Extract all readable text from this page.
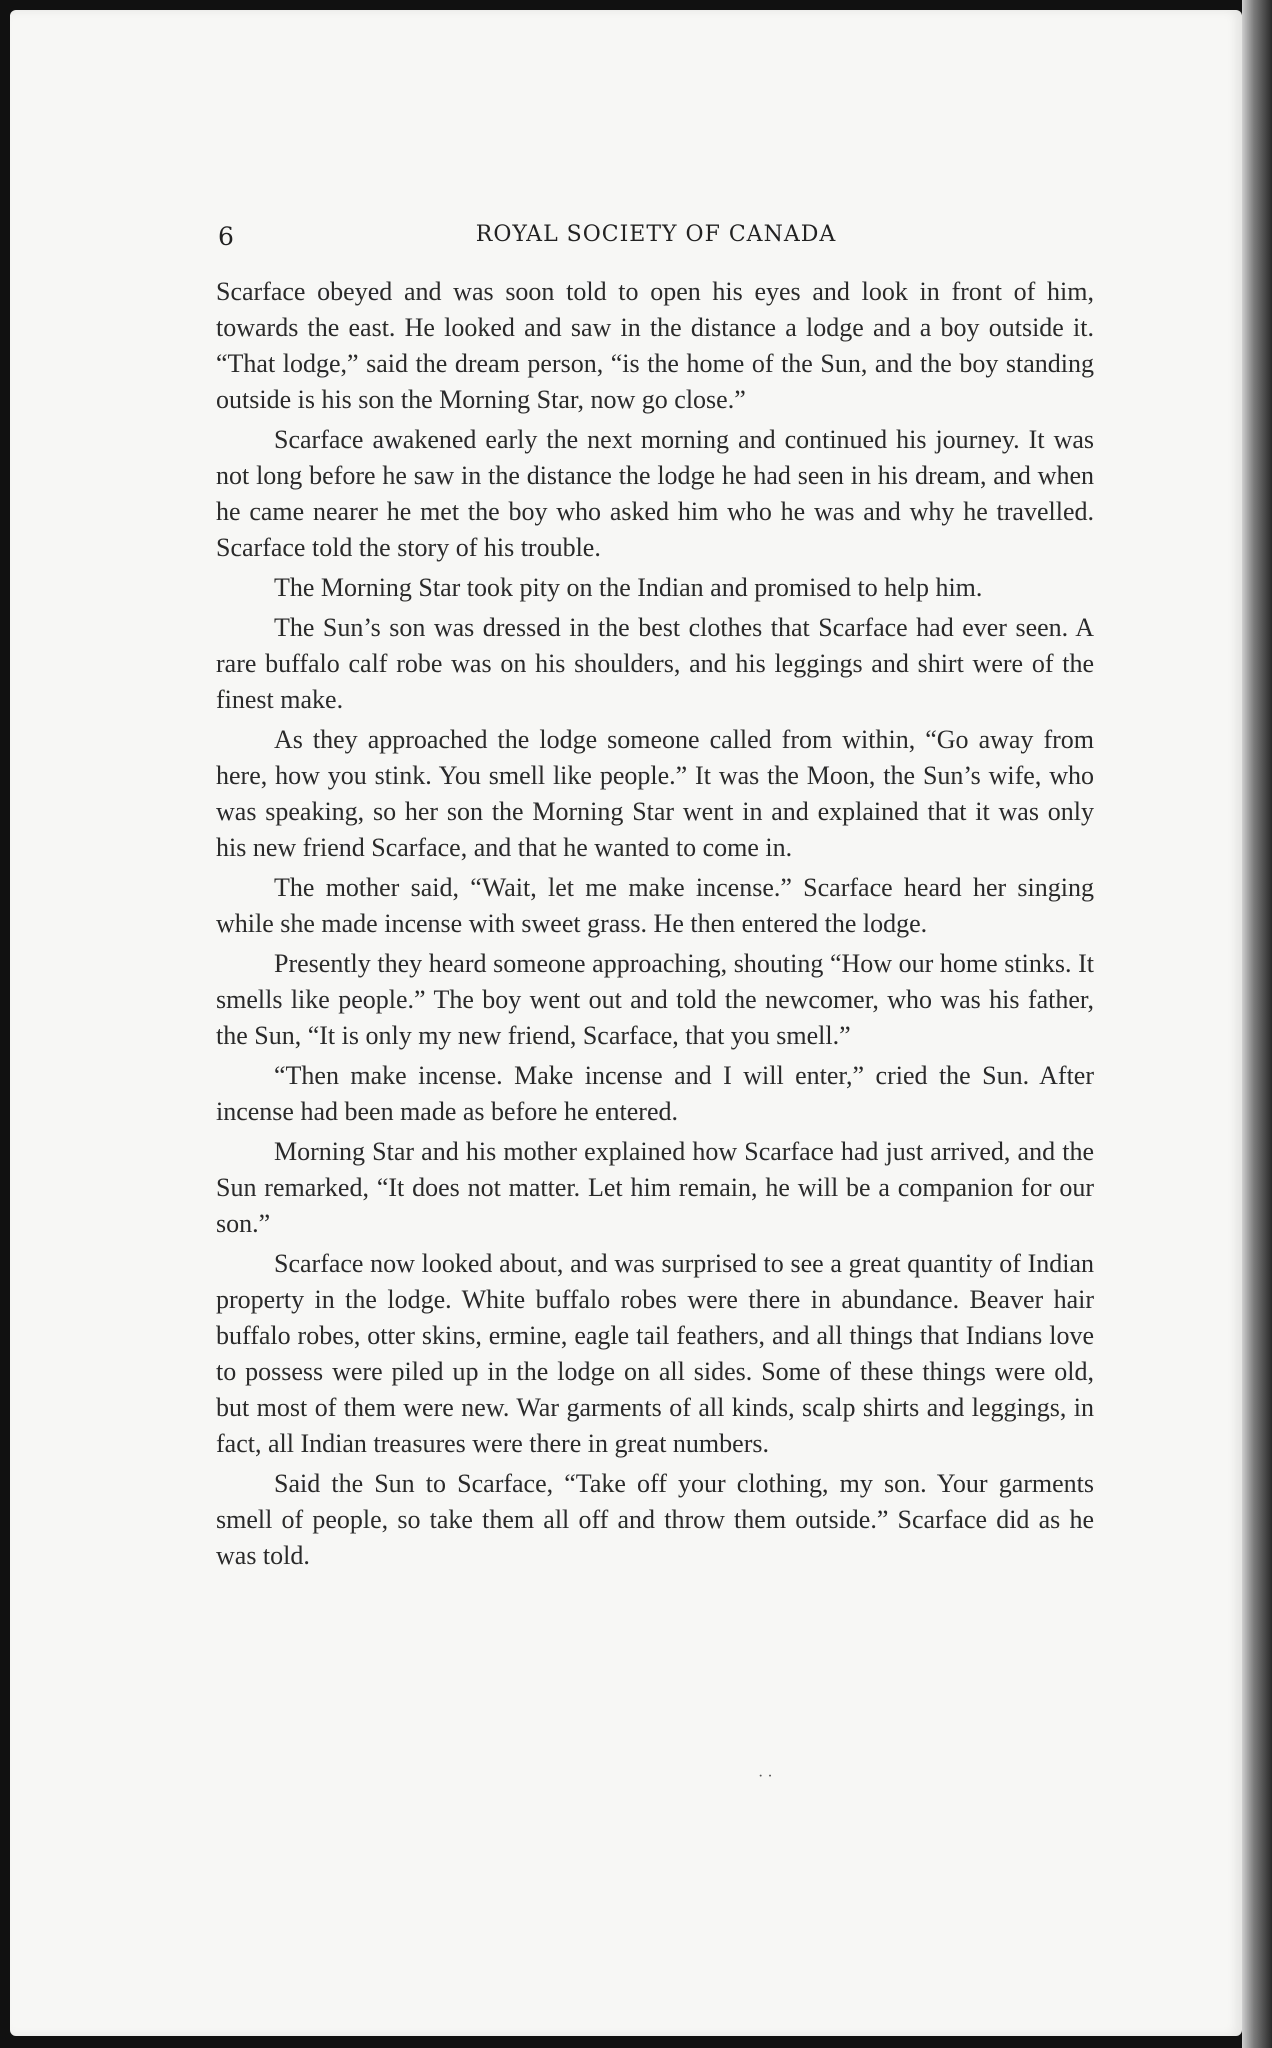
6	ROYAL SOCIETY OF CANADA

Scarface obeyed and was soon told to open his eyes and look in front of him, towards the east. He looked and saw in the distance a lodge and a boy outside it. “That lodge,” said the dream person, “is the home of the Sun, and the boy standing outside is his son the Morning Star, now go close.”

Scarface awakened early the next morning and continued his journey. It was not long before he saw in the distance the lodge he had seen in his dream, and when he came nearer he met the boy who asked him who he was and why he travelled. Scarface told the story of his trouble.

The Morning Star took pity on the Indian and promised to help him.

The Sun’s son was dressed in the best clothes that Scarface had ever seen. A rare buffalo calf robe was on his shoulders, and his leggings and shirt were of the finest make.

As they approached the lodge someone called from within, “Go away from here, how you stink. You smell like people.” It was the Moon, the Sun’s wife, who was speaking, so her son the Morning Star went in and explained that it was only his new friend Scarface, and that he wanted to come in.

The mother said, “Wait, let me make incense.” Scarface heard her singing while she made incense with sweet grass. He then entered the lodge.

Presently they heard someone approaching, shouting “How our home stinks. It smells like people.” The boy went out and told the newcomer, who was his father, the Sun, “It is only my new friend, Scarface, that you smell.”

“Then make incense. Make incense and I will enter,” cried the Sun. After incense had been made as before he entered.

Morning Star and his mother explained how Scarface had just arrived, and the Sun remarked, “It does not matter. Let him remain, he will be a companion for our son.”

Scarface now looked about, and was surprised to see a great quantity of Indian property in the lodge. White buffalo robes were there in abundance. Beaver hair buffalo robes, otter skins, ermine, eagle tail feathers, and all things that Indians love to possess were piled up in the lodge on all sides. Some of these things were old, but most of them were new. War garments of all kinds, scalp shirts and leggings, in fact, all Indian treasures were there in great numbers.

Said the Sun to Scarface, “Take off your clothing, my son. Your garments smell of people, so take them all off and throw them outside.” Scarface did as he was told.

· ·
